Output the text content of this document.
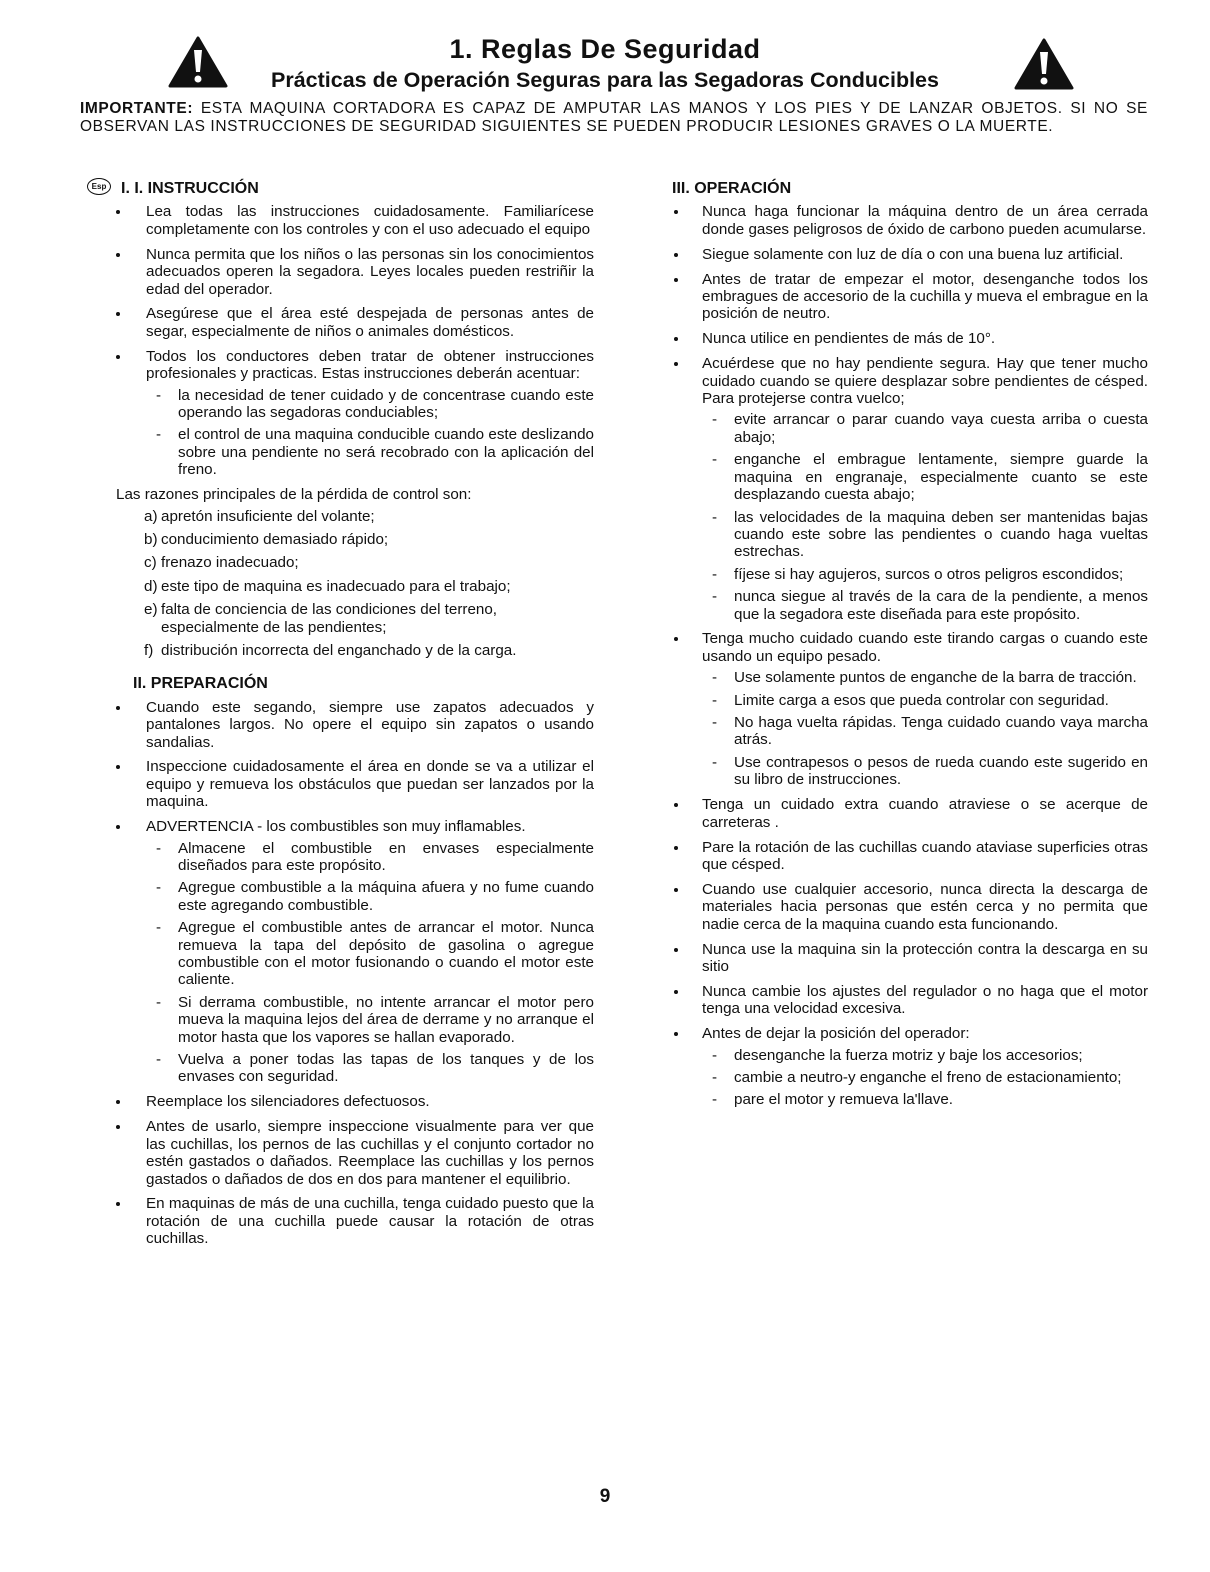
1. Reglas De Seguridad
Prácticas de Operación Seguras para las Segadoras Conducibles

IMPORTANTE: ESTA MAQUINA CORTADORA ES CAPAZ DE AMPUTAR LAS MANOS Y LOS PIES Y DE LANZAR OBJETOS. SI NO SE OBSERVAN LAS INSTRUCCIONES DE SEGURIDAD SIGUIENTES SE PUEDEN PRODUCIR LESIONES GRAVES O LA MUERTE.

Esp I. I. INSTRUCCIÓN
Lea todas las instrucciones cuidadosamente. Familiarícese completamente con los controles y con el uso adecuado el equipo
Nunca permita que los niños o las personas sin los conocimientos adecuados operen la segadora. Leyes locales pueden restriñir la edad del operador.
Asegúrese que el área esté despejada de personas antes de segar, especialmente de niños o animales domésticos.
Todos los conductores deben tratar de obtener instrucciones profesionales y practicas. Estas instrucciones deberán acentuar:
- la necesidad de tener cuidado y de concentrase cuando este operando las segadoras conduciables;
- el control de una maquina conducible cuando este deslizando sobre una pendiente no será recobrado con la aplicación del freno.
Las razones principales de la pérdida de control son:
a) apretón insuficiente del volante;
b) conducimiento demasiado rápido;
c) frenazo inadecuado;
d) este tipo de maquina es inadecuado para el trabajo;
e) falta de conciencia de las condiciones del terreno, especialmente de las pendientes;
f) distribución incorrecta del enganchado y de la carga.
II. PREPARACIÓN
Cuando este segando, siempre use zapatos adecuados y pantalones largos. No opere el equipo sin zapatos o usando sandalias.
Inspeccione cuidadosamente el área en donde se va a utilizar el equipo y remueva los obstáculos que puedan ser lanzados por la maquina.
ADVERTENCIA - los combustibles son muy inflamables.
- Almacene el combustible en envases especialmente diseñados para este propósito.
- Agregue combustible a la máquina afuera y no fume cuando este agregando combustible.
- Agregue el combustible antes de arrancar el motor. Nunca remueva la tapa del depósito de gasolina o agregue combustible con el motor fusionando o cuando el motor este caliente.
- Si derrama combustible, no intente arrancar el motor pero mueva la maquina lejos del área de derrame y no arranque el motor hasta que los vapores se hallan evaporado.
- Vuelva a poner todas las tapas de los tanques y de los envases con seguridad.
Reemplace los silenciadores defectuosos.
Antes de usarlo, siempre inspeccione visualmente para ver que las cuchillas, los pernos de las cuchillas y el conjunto cortador no estén gastados o dañados. Reemplace las cuchillas y los pernos gastados o dañados de dos en dos para mantener el equilibrio.
En maquinas de más de una cuchilla, tenga cuidado puesto que la rotación de una cuchilla puede causar la rotación de otras cuchillas.
III. OPERACIÓN
Nunca haga funcionar la máquina dentro de un área cerrada donde gases peligrosos de óxido de carbono pueden acumularse.
Siegue solamente con luz de día o con una buena luz artificial.
Antes de tratar de empezar el motor, desenganche todos los embragues de accesorio de la cuchilla y mueva el embrague en la posición de neutro.
Nunca utilice en pendientes de más de 10°.
Acuérdese que no hay pendiente segura. Hay que tener mucho cuidado cuando se quiere desplazar sobre pendientes de césped. Para protejerse contra vuelco;
- evite arrancar o parar cuando vaya cuesta arriba o cuesta abajo;
- enganche el embrague lentamente, siempre guarde la maquina en engranaje, especialmente cuanto se este desplazando cuesta abajo;
- las velocidades de la maquina deben ser mantenidas bajas cuando este sobre las pendientes o cuando haga vueltas estrechas.
- fíjese si hay agujeros, surcos o otros peligros escondidos;
- nunca siegue al través de la cara de la pendiente, a menos que la segadora este diseñada para este propósito.
Tenga mucho cuidado cuando este tirando cargas o cuando este usando un equipo pesado.
- Use solamente puntos de enganche de la barra de tracción.
- Limite carga a esos que pueda controlar con seguridad.
- No haga vuelta rápidas. Tenga cuidado cuando vaya marcha atrás.
- Use contrapesos o pesos de rueda cuando este sugerido en su libro de instrucciones.
Tenga un cuidado extra cuando atraviese o se acerque de carreteras .
Pare la rotación de las cuchillas cuando ataviase superficies otras que césped.
Cuando use cualquier accesorio, nunca directa la descarga de materiales hacia personas que estén cerca y no permita que nadie cerca de la maquina cuando esta funcionando.
Nunca use la maquina sin la protección contra la descarga en su sitio
Nunca cambie los ajustes del regulador o no haga que el motor tenga una velocidad excesiva.
Antes de dejar la posición del operador:
- desenganche la fuerza motriz y baje los accesorios;
- cambie a neutro-y enganche el freno de estacionamiento;
- pare el motor y remueva la'llave.

9
